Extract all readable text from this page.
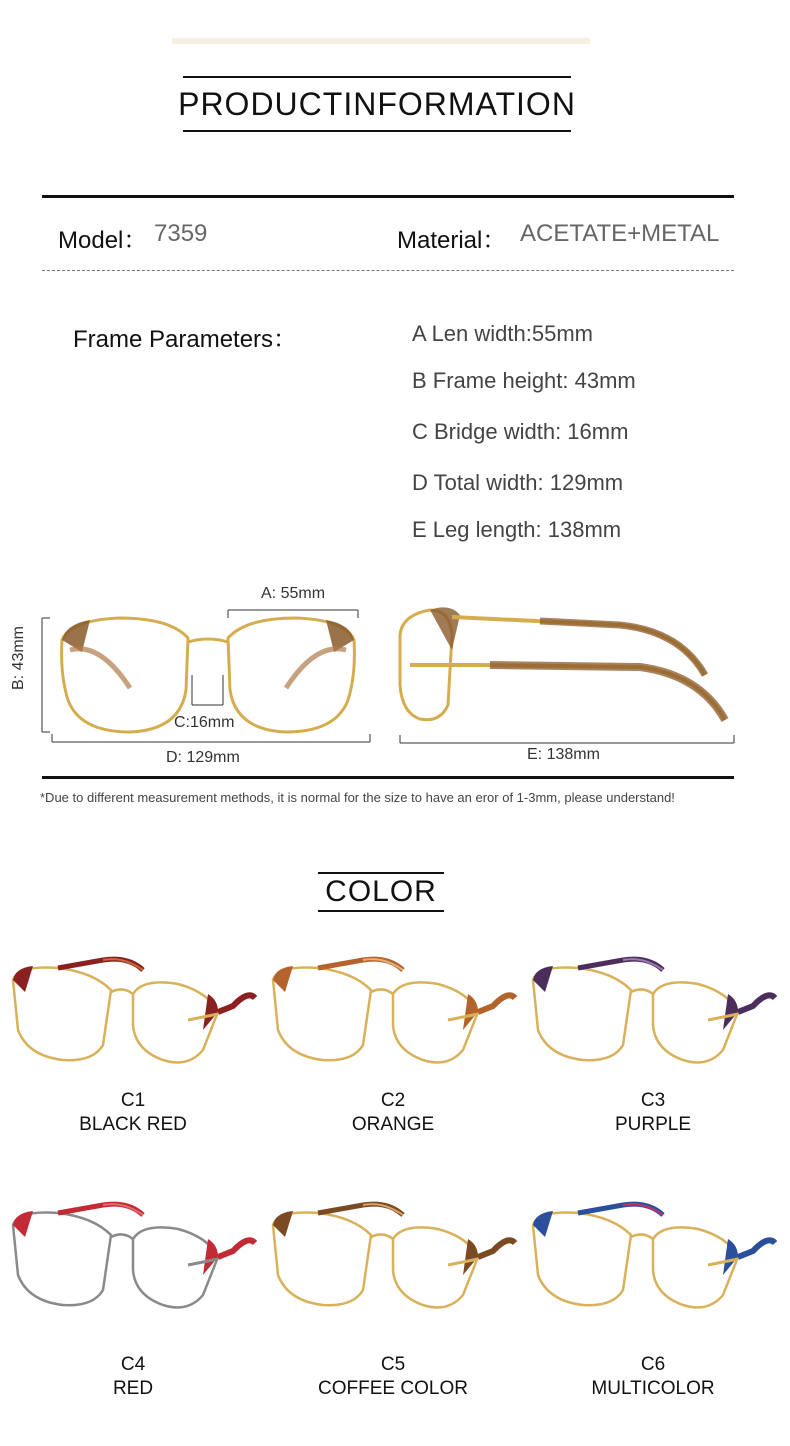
PRODUCTINFORMATION
Model： 7359	Material： ACETATE+METAL
Frame Parameters：	A Len width:55mm
B Frame height: 43mm
C Bridge width: 16mm
D Total width: 129mm
E Leg length: 138mm
A: 55mm
B: 43mm
C:16mm
D: 129mm	E: 138mm
*Due to different measurement methods, it is normal for the size to have an eror of 1-3mm, please understand!
COLOR
C1
BLACK RED
C2
ORANGE
C3
PURPLE
C4
RED
C5
COFFEE COLOR
C6
MULTICOLOR
